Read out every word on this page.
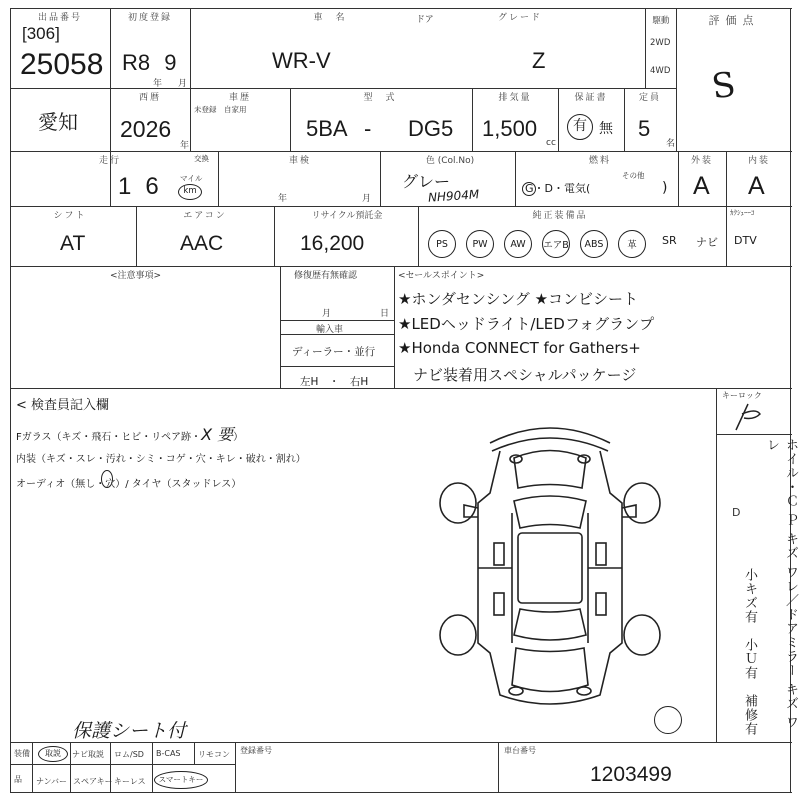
出品番号
[306]
25058
初度登録
R8 9
年 月
車　名
WR-V
ドア	グレード
Z
駆動
2WD
4WD
評価点
S
愛知
西暦
2026
年
車歴
未登録　自家用
型　式
5BA - DG5
排気量
1,500
cc
保証書
有 無
定員
5
名
走行	交換
16 マイル
km
車検
年	月
色 (Col.No)
グレー
NH904M
燃料
G・D・電気(
その他
)
外装
A
内装
A
シフト
AT
エアコン
AAC
リサイクル預託金
16,200
純正装備品	ｶｸｼｭｰｰｺ
PS	PW	AW	エアB	ABS	革	SR ナビ DTV
<注意事項>	修復歴有無確認
月	日
輸入車
ディーラー・並行
左H　・　右H
<セールスポイント>
★ホンダセンシング ★コンビシート
★LEDヘッドライト/LEDフォグランプ
★Honda CONNECT for Gathers+
　ナビ装着用スペシャルパッケージ
< 検査員記入欄
Fガラス（キズ・飛石・ヒビ・リペア跡・X 要）
内装（キズ・スレ・汚れ・シミ・コゲ・穴・キレ・破れ・割れ）
オーディオ（無し・穴）/ タイヤ（スタッドレス）
保護シート付
キーロック
ホイル・Ｃ Ｐ キズ ワレ／ドアミラー キズ ワレ
小キズ有　小Ｕ有　補修有
D
装備
品
取説	ナビ取説 ロム/SD B-CAS リモコン
ナンバー スペアキー キーレス	スマートキー
登録番号	車台番号
1203499
